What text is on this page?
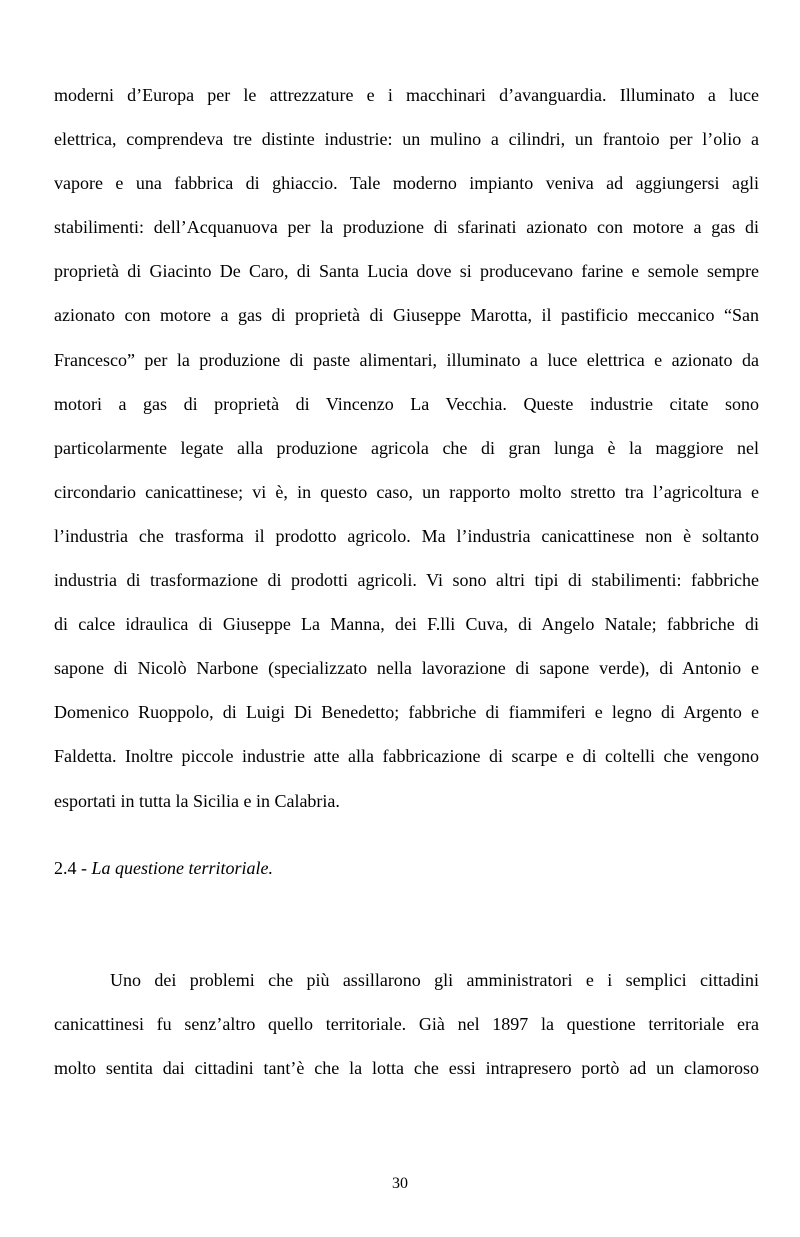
moderni d’Europa per le attrezzature e i macchinari d’avanguardia. Illuminato a luce
elettrica, comprendeva tre distinte industrie: un mulino a cilindri, un frantoio per l’olio a
vapore e una fabbrica di ghiaccio. Tale moderno impianto veniva ad aggiungersi agli
stabilimenti: dell’Acquanuova per la produzione di sfarinati azionato con motore a gas di
proprietà di Giacinto De Caro, di Santa Lucia dove si producevano farine e semole sempre
azionato con motore a gas di proprietà di Giuseppe Marotta, il pastificio meccanico “San
Francesco” per la produzione di paste alimentari, illuminato a luce elettrica e azionato da
motori a gas di proprietà di Vincenzo La Vecchia. Queste industrie citate sono
particolarmente legate alla produzione agricola che di gran lunga è la maggiore nel
circondario canicattinese; vi è, in questo caso, un rapporto molto stretto tra l’agricoltura e
l’industria che trasforma il prodotto agricolo. Ma l’industria canicattinese non è soltanto
industria di trasformazione di prodotti agricoli. Vi sono altri tipi di stabilimenti: fabbriche
di calce idraulica di Giuseppe La Manna, dei F.lli Cuva, di Angelo Natale; fabbriche di
sapone di Nicolò Narbone (specializzato nella lavorazione di sapone verde), di Antonio e
Domenico Ruoppolo, di Luigi Di Benedetto; fabbriche di fiammiferi e legno di Argento e
Faldetta. Inoltre piccole industrie atte alla fabbricazione di scarpe e di coltelli che vengono
esportati in tutta la Sicilia e in Calabria.
2.4 - La questione territoriale.
Uno dei problemi che più assillarono gli amministratori e i semplici cittadini
canicattinesi fu senz’altro quello territoriale. Già nel 1897 la questione territoriale era
molto sentita dai cittadini tant’è che la lotta che essi intrapresero portò ad un clamoroso
30
